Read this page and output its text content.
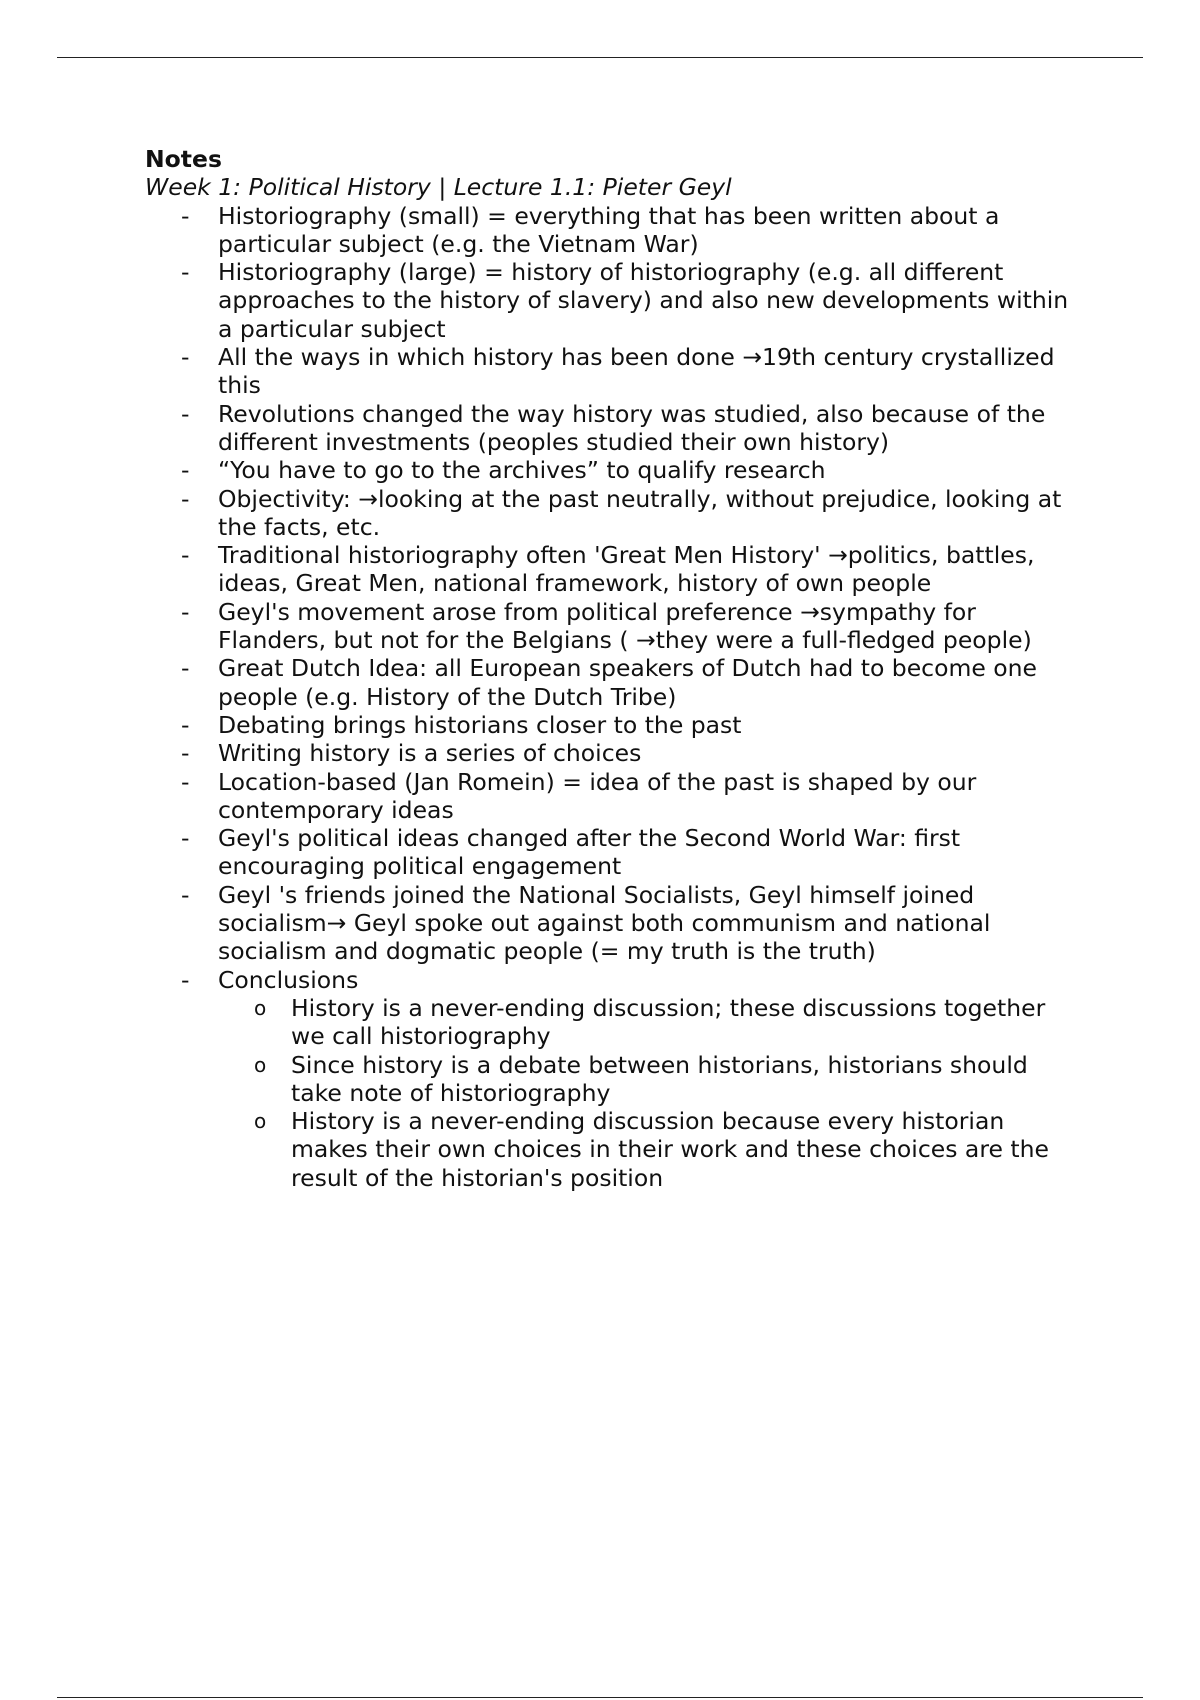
Notes

Week 1: Political History | Lecture 1.1: Pieter Geyl

- Historiography (small) = everything that has been written about a particular subject (e.g. the Vietnam War)
- Historiography (large) = history of historiography (e.g. all different approaches to the history of slavery) and also new developments within a particular subject
- All the ways in which history has been done →19th century crystallized this
- Revolutions changed the way history was studied, also because of the different investments (peoples studied their own history)
- “You have to go to the archives” to qualify research
- Objectivity: →looking at the past neutrally, without prejudice, looking at the facts, etc.
- Traditional historiography often 'Great Men History' →politics, battles, ideas, Great Men, national framework, history of own people
- Geyl's movement arose from political preference →sympathy for Flanders, but not for the Belgians ( →they were a full-fledged people)
- Great Dutch Idea: all European speakers of Dutch had to become one people (e.g. History of the Dutch Tribe)
- Debating brings historians closer to the past
- Writing history is a series of choices
- Location-based (Jan Romein) = idea of the past is shaped by our contemporary ideas
- Geyl's political ideas changed after the Second World War: first encouraging political engagement
- Geyl 's friends joined the National Socialists, Geyl himself joined socialism→ Geyl spoke out against both communism and national socialism and dogmatic people (= my truth is the truth)
- Conclusions
o History is a never-ending discussion; these discussions together we call historiography
o Since history is a debate between historians, historians should take note of historiography
o History is a never-ending discussion because every historian makes their own choices in their work and these choices are the result of the historian's position
